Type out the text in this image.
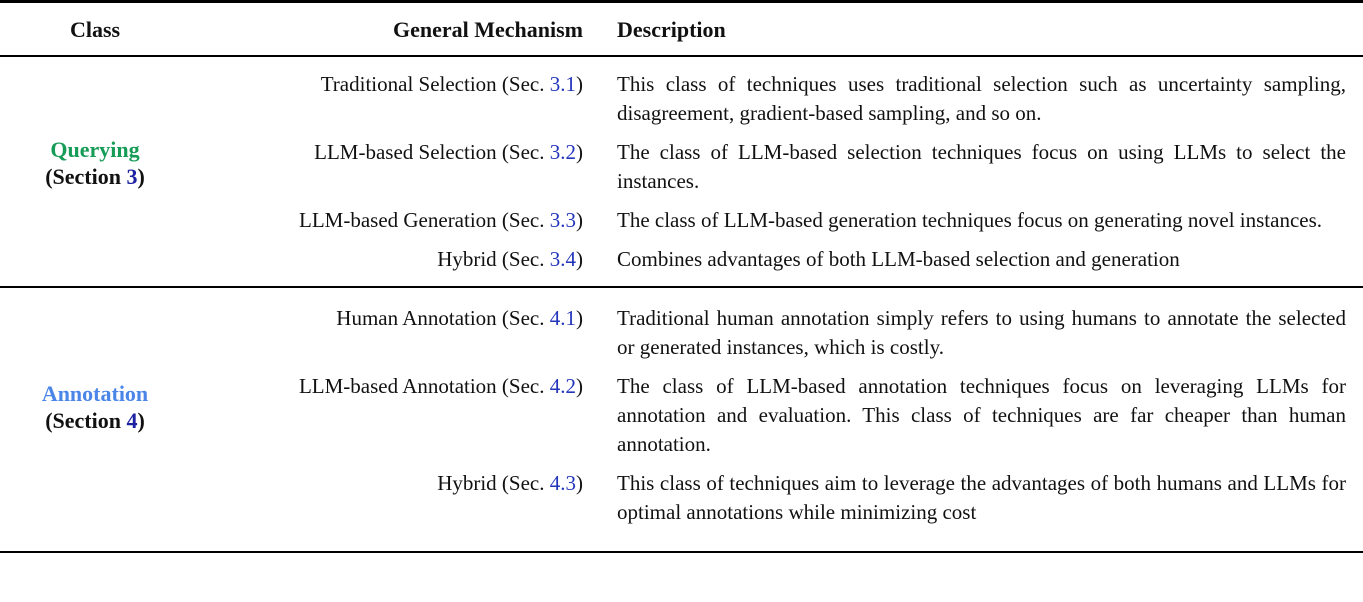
Class	General Mechanism	Description
Querying
(Section 3)
Traditional Selection (Sec. 3.1)	This class of techniques uses traditional selection such as uncertainty sampling, disagreement, gradient-based sampling, and so on.
LLM-based Selection (Sec. 3.2)	The class of LLM-based selection techniques focus on using LLMs to select the instances.
LLM-based Generation (Sec. 3.3)	The class of LLM-based generation techniques focus on generating novel instances.
Hybrid (Sec. 3.4)	Combines advantages of both LLM-based selection and generation
Annotation
(Section 4)
Human Annotation (Sec. 4.1)	Traditional human annotation simply refers to using humans to annotate the selected or generated instances, which is costly.
LLM-based Annotation (Sec. 4.2)	The class of LLM-based annotation techniques focus on leveraging LLMs for annotation and evaluation. This class of techniques are far cheaper than human annotation.
Hybrid (Sec. 4.3)	This class of techniques aim to leverage the advantages of both humans and LLMs for optimal annotations while minimizing cost
